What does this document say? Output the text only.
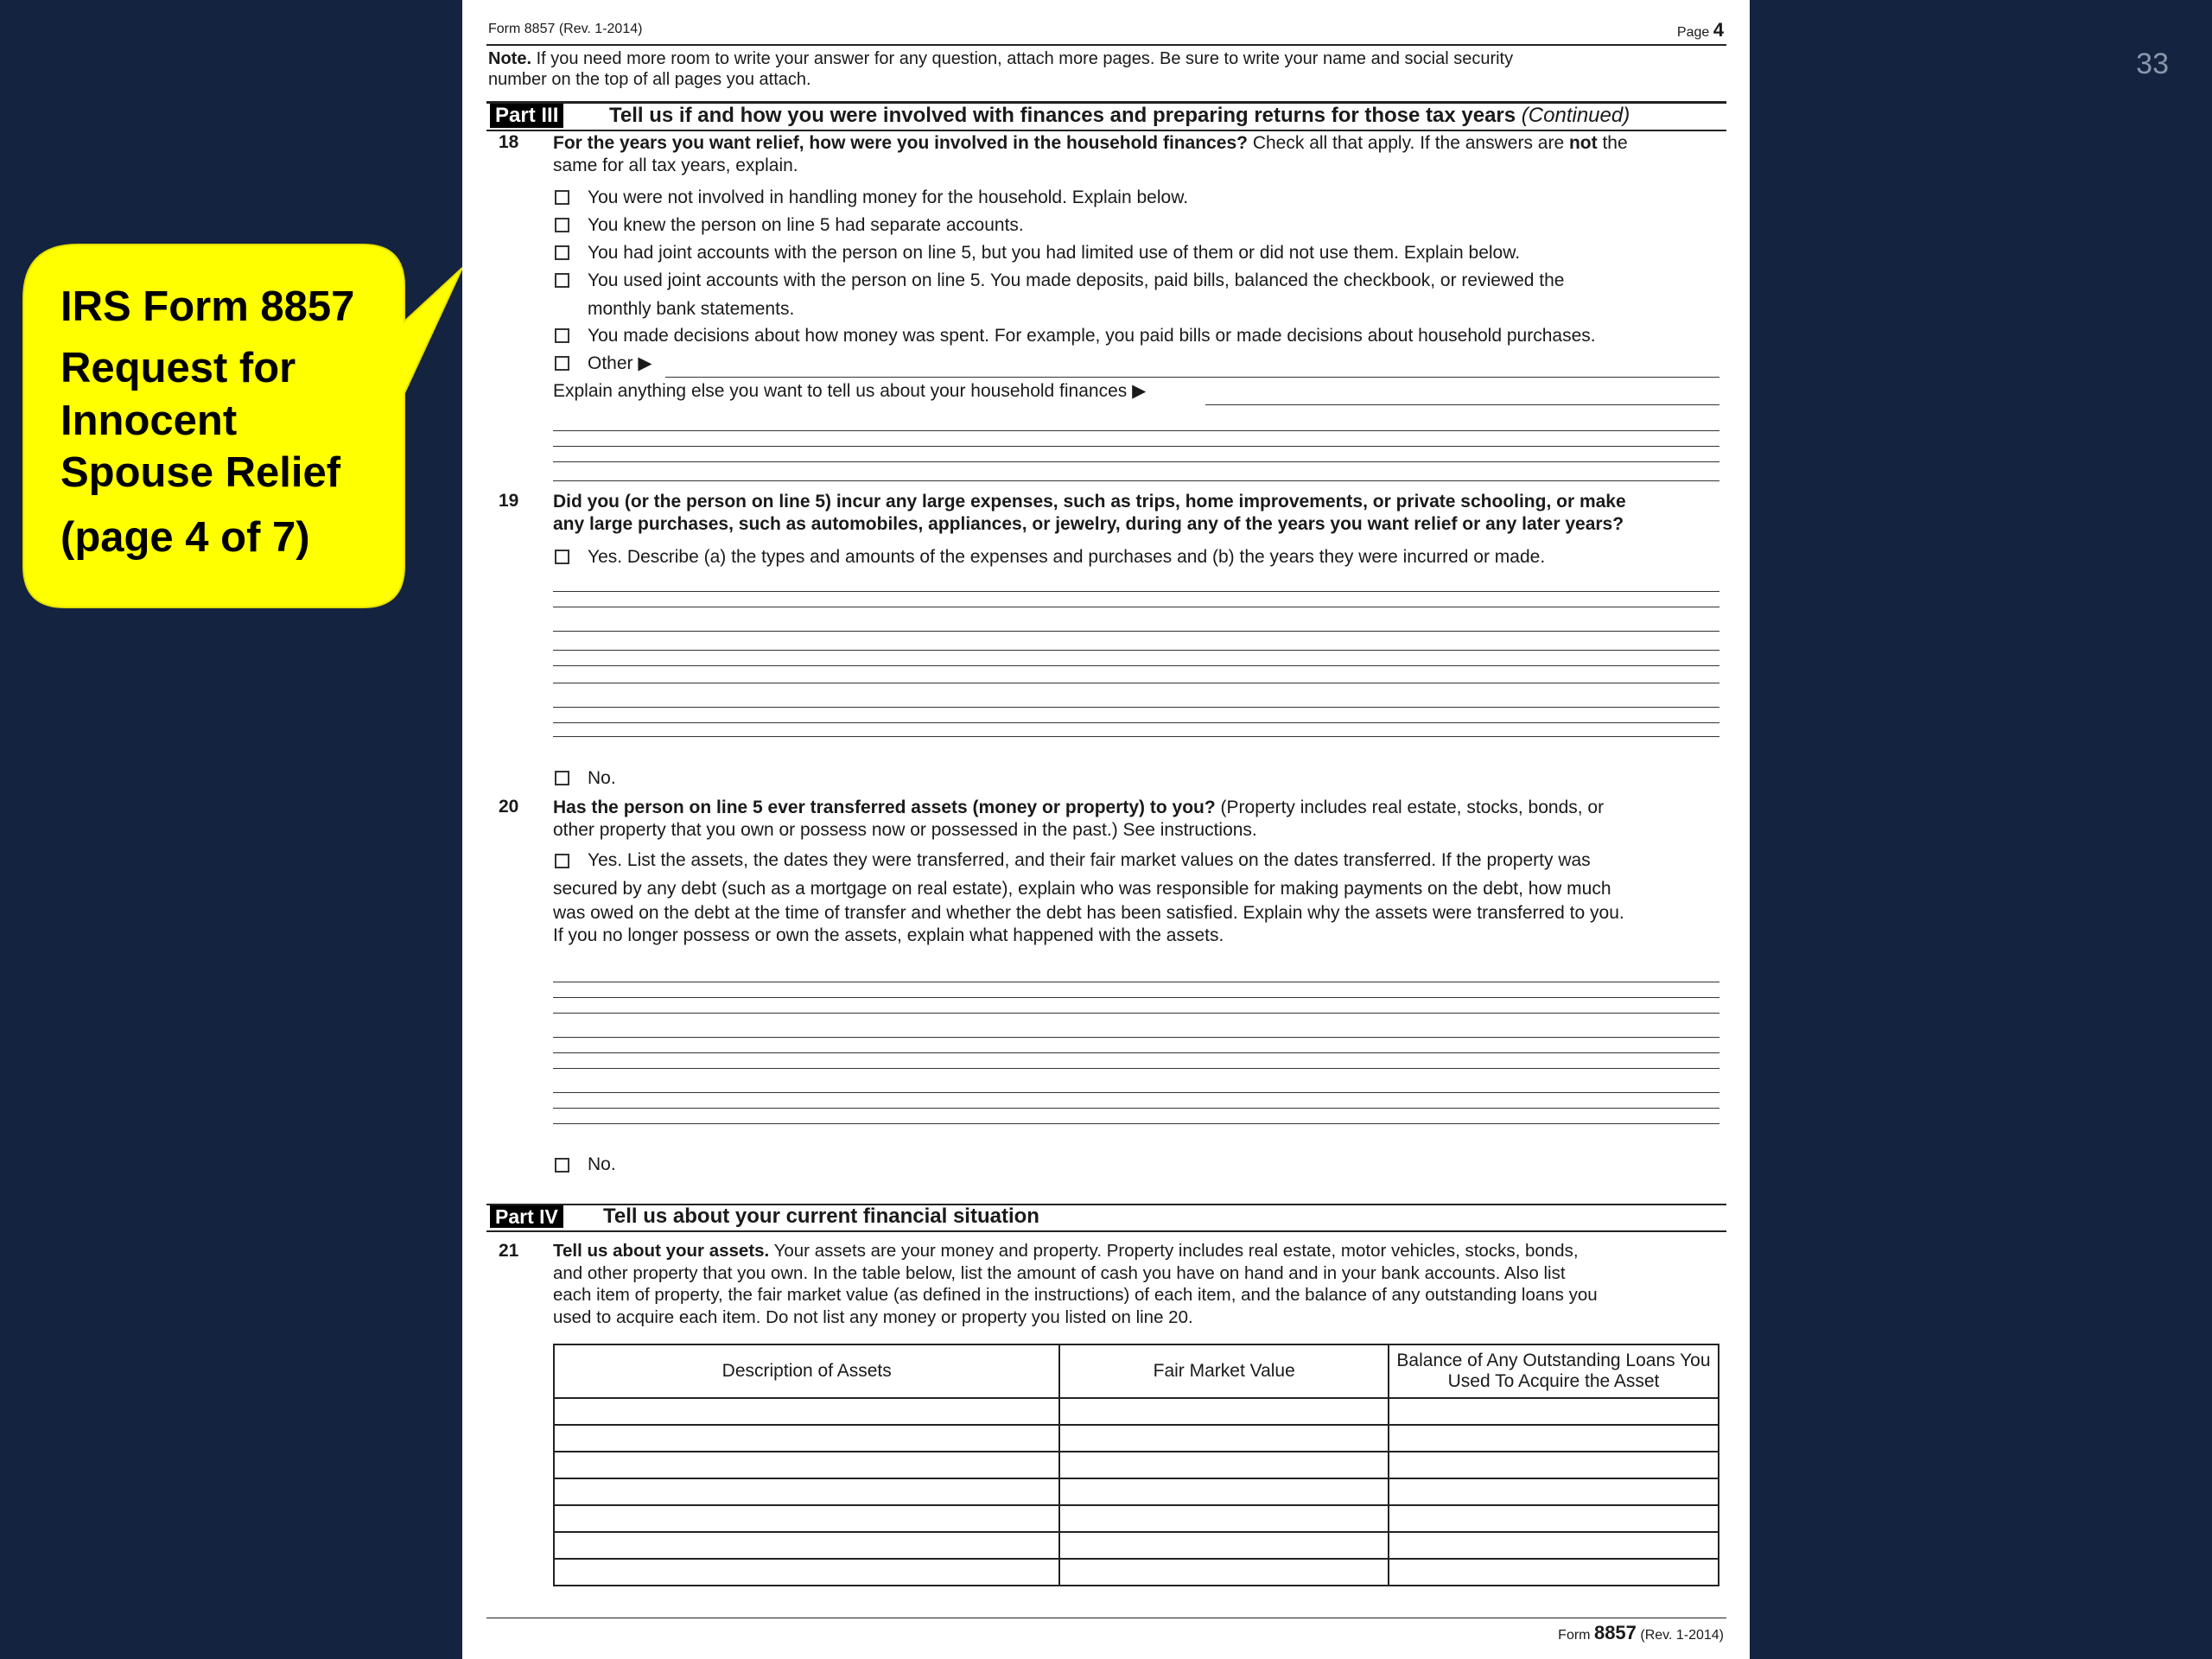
33
IRS Form 8857
Request for
Innocent
Spouse Relief
(page 4 of 7)
Form 8857 (Rev. 1-2014)	Page 4
Note. If you need more room to write your answer for any question, attach more pages. Be sure to write your name and social security
number on the top of all pages you attach.
Part III Tell us if and how you were involved with finances and preparing returns for those tax years (Continued)
18 For the years you want relief, how were you involved in the household finances? Check all that apply. If the answers are not the
same for all tax years, explain.
You were not involved in handling money for the household. Explain below.
You knew the person on line 5 had separate accounts.
You had joint accounts with the person on line 5, but you had limited use of them or did not use them. Explain below.
You used joint accounts with the person on line 5. You made deposits, paid bills, balanced the checkbook, or reviewed the
monthly bank statements.
You made decisions about how money was spent. For example, you paid bills or made decisions about household purchases.
Other ▶
Explain anything else you want to tell us about your household finances ▶
19 Did you (or the person on line 5) incur any large expenses, such as trips, home improvements, or private schooling, or make
any large purchases, such as automobiles, appliances, or jewelry, during any of the years you want relief or any later years?
Yes. Describe (a) the types and amounts of the expenses and purchases and (b) the years they were incurred or made.
No.
20 Has the person on line 5 ever transferred assets (money or property) to you? (Property includes real estate, stocks, bonds, or
other property that you own or possess now or possessed in the past.) See instructions.
Yes. List the assets, the dates they were transferred, and their fair market values on the dates transferred. If the property was
secured by any debt (such as a mortgage on real estate), explain who was responsible for making payments on the debt, how much
was owed on the debt at the time of transfer and whether the debt has been satisfied. Explain why the assets were transferred to you.
If you no longer possess or own the assets, explain what happened with the assets.
No.
Part IV Tell us about your current financial situation
21 Tell us about your assets. Your assets are your money and property. Property includes real estate, motor vehicles, stocks, bonds,
and other property that you own. In the table below, list the amount of cash you have on hand and in your bank accounts. Also list
each item of property, the fair market value (as defined in the instructions) of each item, and the balance of any outstanding loans you
used to acquire each item. Do not list any money or property you listed on line 20.
Description of Assets	Fair Market Value	Balance of Any Outstanding Loans You Used To Acquire the Asset

Form 8857 (Rev. 1-2014)
